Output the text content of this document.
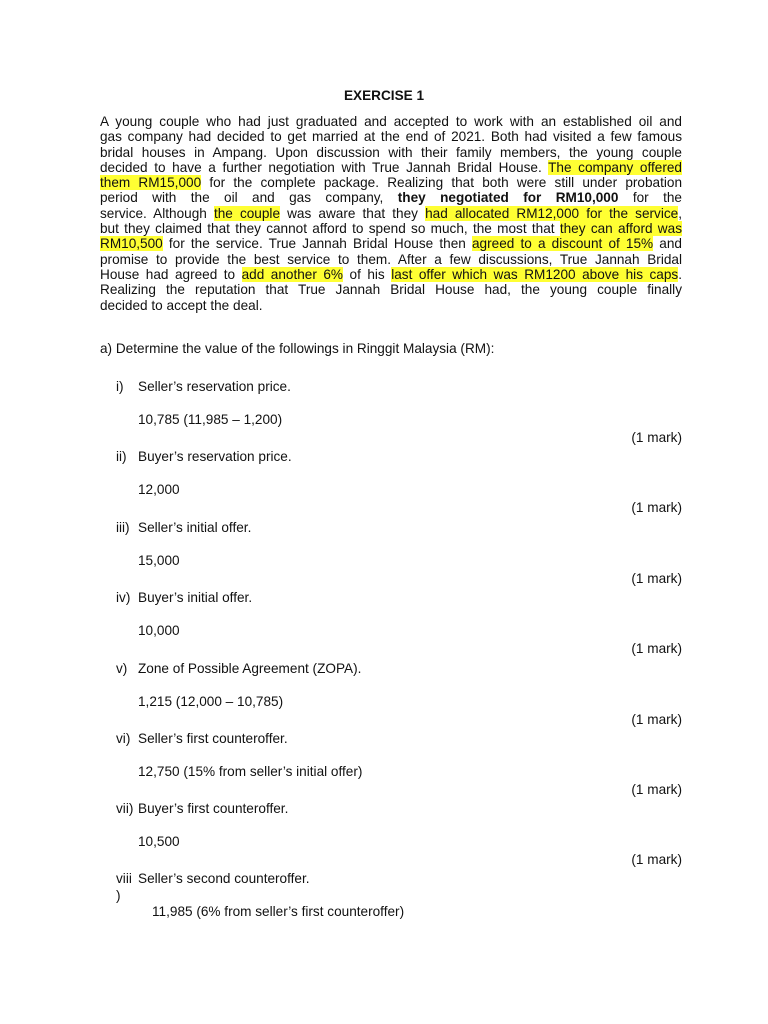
EXERCISE 1
A young couple who had just graduated and accepted to work with an established oil and
gas company had decided to get married at the end of 2021. Both had visited a few famous
bridal houses in Ampang. Upon discussion with their family members, the young couple
decided to have a further negotiation with True Jannah Bridal House. The company offered
them RM15,000 for the complete package. Realizing that both were still under probation
period with the oil and gas company, they negotiated for RM10,000 for the
service. Although the couple was aware that they had allocated RM12,000 for the service,
but they claimed that they cannot afford to spend so much, the most that they can afford was
RM10,500 for the service. True Jannah Bridal House then agreed to a discount of 15% and
promise to provide the best service to them. After a few discussions, True Jannah Bridal
House had agreed to add another 6% of his last offer which was RM1200 above his caps.
Realizing the reputation that True Jannah Bridal House had, the young couple finally
decided to accept the deal.
a) Determine the value of the followings in Ringgit Malaysia (RM):
i) Seller’s reservation price.
10,785 (11,985 – 1,200)
(1 mark)
ii) Buyer’s reservation price.
12,000
(1 mark)
iii) Seller’s initial offer.
15,000
(1 mark)
iv) Buyer’s initial offer.
10,000
(1 mark)
v) Zone of Possible Agreement (ZOPA).
1,215 (12,000 – 10,785)
(1 mark)
vi) Seller’s first counteroffer.
12,750 (15% from seller’s initial offer)
(1 mark)
vii) Buyer’s first counteroffer.
10,500
(1 mark)
viii
)
Seller’s second counteroffer.
11,985 (6% from seller’s first counteroffer)
